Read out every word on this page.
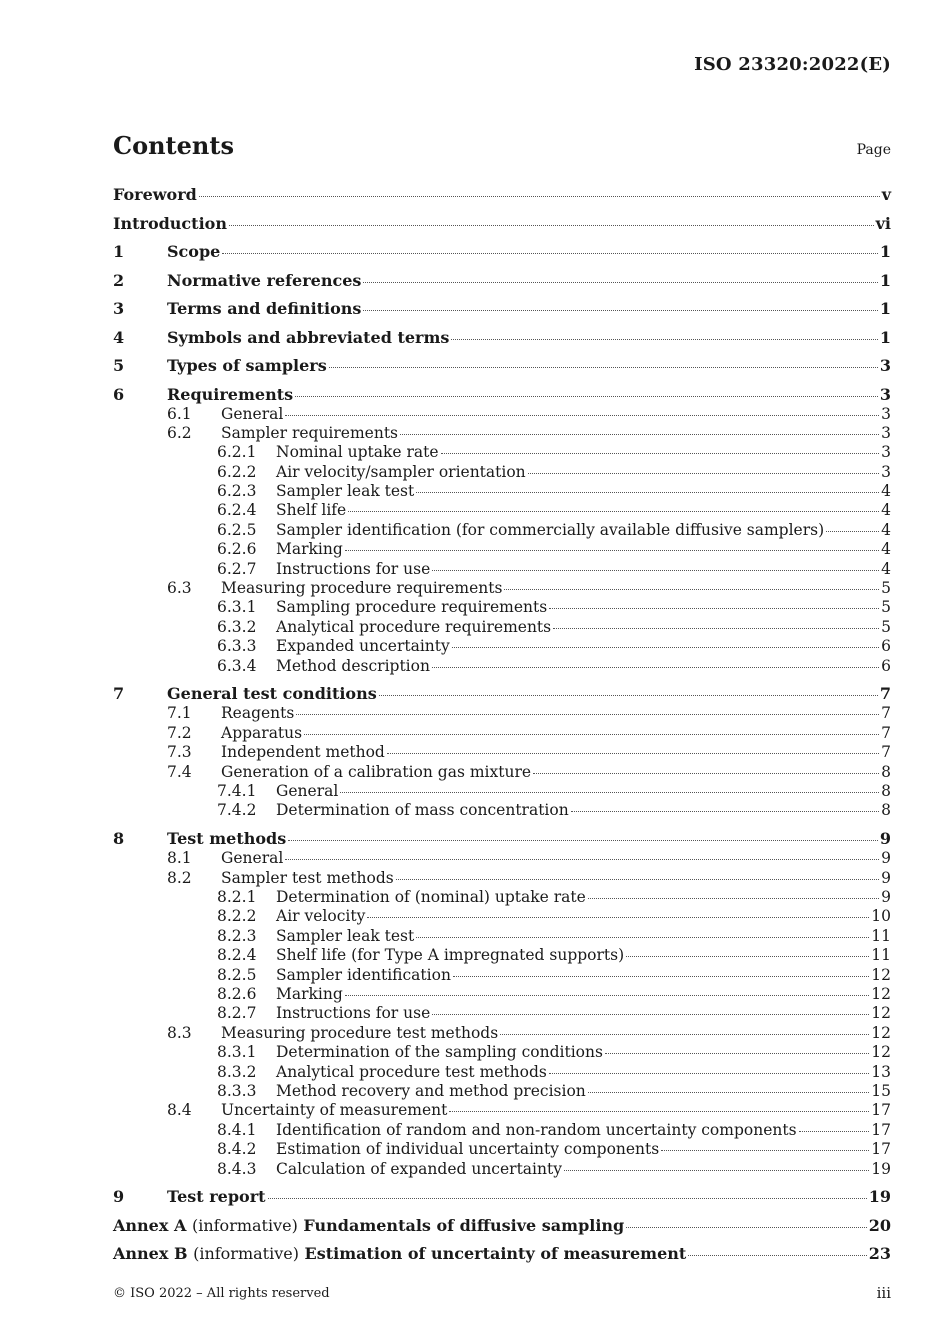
ISO 23320:2022(E)
Contents	Page
Foreword	v
Introduction	vi
1	Scope	1
2	Normative references	1
3	Terms and definitions	1
4	Symbols and abbreviated terms	1
5	Types of samplers	3
6	Requirements	3
6.1 General	3
6.2 Sampler requirements	3
6.2.1 Nominal uptake rate	3
6.2.2 Air velocity/sampler orientation	3
6.2.3 Sampler leak test	4
6.2.4 Shelf life	4
6.2.5 Sampler identification (for commercially available diffusive samplers)	4
6.2.6 Marking	4
6.2.7 Instructions for use	4
6.3 Measuring procedure requirements	5
6.3.1 Sampling procedure requirements	5
6.3.2 Analytical procedure requirements	5
6.3.3 Expanded uncertainty	6
6.3.4 Method description	6
7	General test conditions	7
7.1 Reagents	7
7.2 Apparatus	7
7.3 Independent method	7
7.4 Generation of a calibration gas mixture	8
7.4.1 General	8
7.4.2 Determination of mass concentration	8
8	Test methods	9
8.1 General	9
8.2 Sampler test methods	9
8.2.1 Determination of (nominal) uptake rate	9
8.2.2 Air velocity	10
8.2.3 Sampler leak test	11
8.2.4 Shelf life (for Type A impregnated supports)	11
8.2.5 Sampler identification	12
8.2.6 Marking	12
8.2.7 Instructions for use	12
8.3 Measuring procedure test methods	12
8.3.1 Determination of the sampling conditions	12
8.3.2 Analytical procedure test methods	13
8.3.3 Method recovery and method precision	15
8.4 Uncertainty of measurement	17
8.4.1 Identification of random and non-random uncertainty components	17
8.4.2 Estimation of individual uncertainty components	17
8.4.3 Calculation of expanded uncertainty	19
9	Test report	19
Annex A (informative) Fundamentals of diffusive sampling	20
Annex B (informative) Estimation of uncertainty of measurement	23
© ISO 2022 – All rights reserved	iii
